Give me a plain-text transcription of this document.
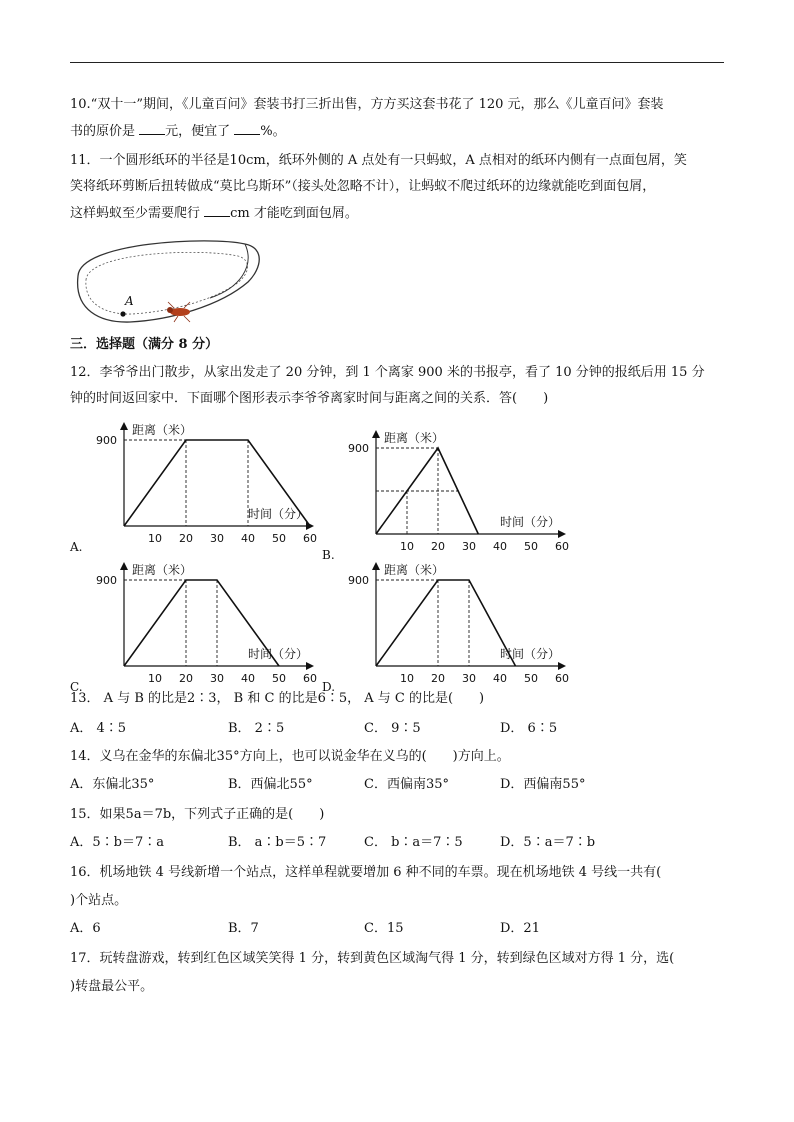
10.“双十一”期间，《儿童百问》套装书打三折出售，方方买这套书花了 120 元，那么《儿童百问》套装
书的原价是 元，便宜了 %。
11．一个圆形纸环的半径是10cm，纸环外侧的 A 点处有一只蚂蚁，A 点相对的纸环内侧有一点面包屑，笑
笑将纸环剪断后扭转做成“莫比乌斯环”（接头处忽略不计），让蚂蚁不爬过纸环的边缘就能吃到面包屑，
这样蚂蚁至少需要爬行 cm 才能吃到面包屑。
A
三．选择题（满分 8 分）
12．李爷爷出门散步，从家出发走了 20 分钟，到 1 个离家 900 米的书报亭，看了 10 分钟的报纸后用 15 分
钟的时间返回家中．下面哪个图形表示李爷爷离家时间与距离之间的关系．答(　　)
距离（米）
时间（分）
900
10 20 30 40 50 60
A.
距离（米）
时间（分）
900
10 20 30 40 50 60
B.
距离（米）
时间（分）
900
10 20 30 40 50 60
C.
距离（米）
时间（分）
900
10 20 30 40 50 60
D.
13． A 与 B 的比是2∶3， B 和 C 的比是6∶5， A 与 C 的比是(　　)
A． 4∶5	B． 2∶5	C． 9∶5	D． 6∶5
14．义乌在金华的东偏北35°方向上，也可以说金华在义乌的(　　)方向上。
A．东偏北35°	B．西偏北55°	C．西偏南35°	D．西偏南55°
15．如果5a＝7b，下列式子正确的是(　　)
A．5∶b＝7∶a	B． a∶b＝5∶7	C． b∶a＝7∶5	D．5∶a＝7∶b
16．机场地铁 4 号线新增一个站点，这样单程就要增加 6 种不同的车票。现在机场地铁 4 号线一共有(
)个站点。
A．6	B．7	C．15	D．21
17．玩转盘游戏，转到红色区域笑笑得 1 分，转到黄色区域淘气得 1 分，转到绿色区域对方得 1 分，选(
)转盘最公平。
